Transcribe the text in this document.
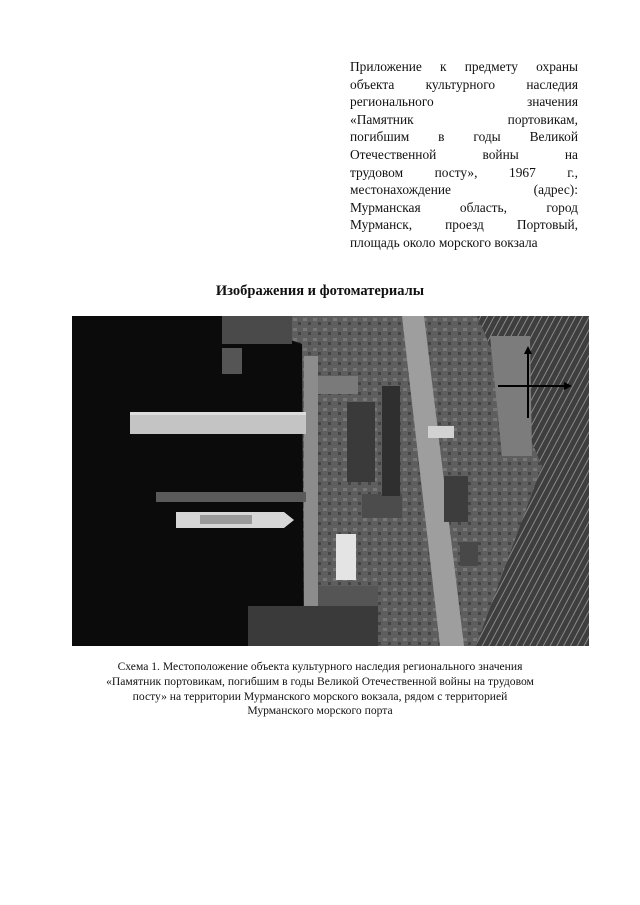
Приложение к предмету охраны
объекта культурного наследия
регионального значения
«Памятник портовикам,
погибшим в годы Великой
Отечественной войны на
трудовом посту», 1967 г.,
местонахождение (адрес):
Мурманская область, город
Мурманск, проезд Портовый,
площадь около морского вокзала
Изображения и фотоматериалы
Схема 1. Местоположение объекта культурного наследия регионального значения
«Памятник портовикам, погибшим в годы Великой Отечественной войны на трудовом
посту» на территории Мурманского морского вокзала, рядом с территорией
Мурманского морского порта
